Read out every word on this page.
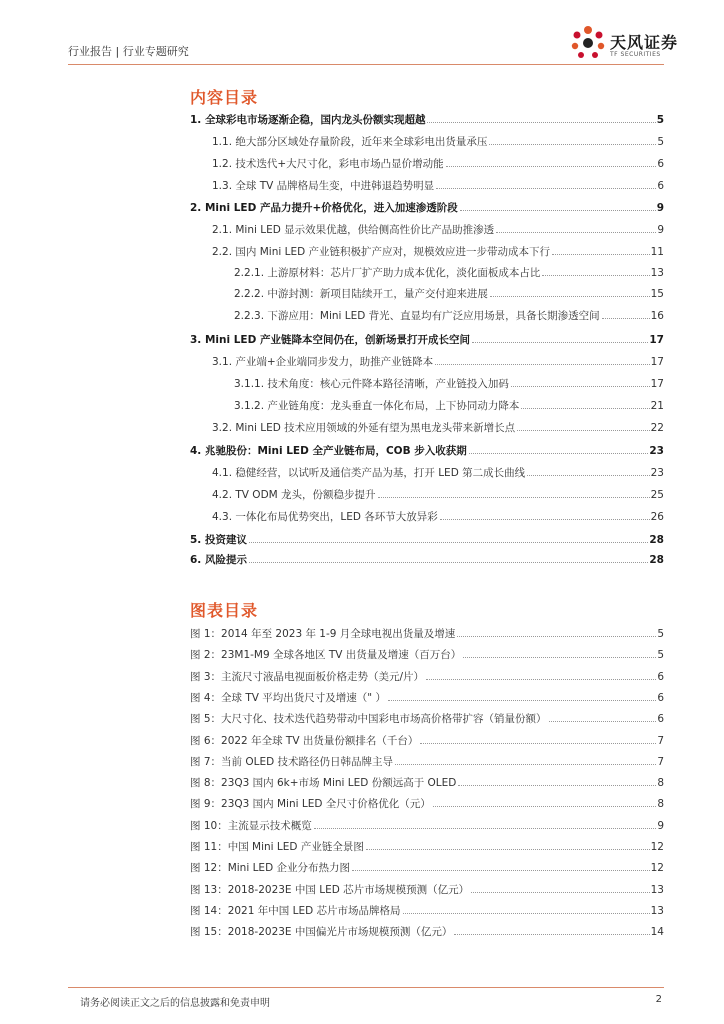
行业报告 | 行业专题研究	天风证券
TF SECURITIES
内容目录
1. 全球彩电市场逐渐企稳，国内龙头份额实现超越	5
1.1. 绝大部分区域处存量阶段，近年来全球彩电出货量承压	5
1.2. 技术迭代+大尺寸化，彩电市场凸显价增动能	6
1.3. 全球 TV 品牌格局生变，中进韩退趋势明显	6
2. Mini LED 产品力提升+价格优化，进入加速渗透阶段	9
2.1. Mini LED 显示效果优越，供给侧高性价比产品助推渗透	9
2.2. 国内 Mini LED 产业链积极扩产应对，规模效应进一步带动成本下行	11
2.2.1. 上游原材料：芯片厂扩产助力成本优化，淡化面板成本占比	13
2.2.2. 中游封测：新项目陆续开工，量产交付迎来进展	15
2.2.3. 下游应用：Mini LED 背光、直显均有广泛应用场景，具备长期渗透空间	16
3. Mini LED 产业链降本空间仍在，创新场景打开成长空间	17
3.1. 产业端+企业端同步发力，助推产业链降本	17
3.1.1. 技术角度：核心元件降本路径清晰，产业链投入加码	17
3.1.2. 产业链角度：龙头垂直一体化布局，上下协同动力降本	21
3.2. Mini LED 技术应用领域的外延有望为黑电龙头带来新增长点	22
4. 兆驰股份：Mini LED 全产业链布局，COB 步入收获期	23
4.1. 稳健经营，以试听及通信类产品为基，打开 LED 第二成长曲线	23
4.2. TV ODM 龙头，份额稳步提升	25
4.3. 一体化布局优势突出，LED 各环节大放异彩	26
5. 投资建议	28
6. 风险提示	28
图表目录
图 1：2014 年至 2023 年 1-9 月全球电视出货量及增速	5
图 2：23M1-M9 全球各地区 TV 出货量及增速（百万台）	5
图 3：主流尺寸液晶电视面板价格走势（美元/片）	6
图 4：全球 TV 平均出货尺寸及增速（" ）	6
图 5：大尺寸化、技术迭代趋势带动中国彩电市场高价格带扩容（销量份额）	6
图 6：2022 年全球 TV 出货量份额排名（千台）	7
图 7：当前 OLED 技术路径仍日韩品牌主导	7
图 8：23Q3 国内 6k+市场 Mini LED 份额远高于 OLED	8
图 9：23Q3 国内 Mini LED 全尺寸价格优化（元）	8
图 10：主流显示技术概览	9
图 11：中国 Mini LED 产业链全景图	12
图 12：Mini LED 企业分布热力图	12
图 13：2018-2023E 中国 LED 芯片市场规模预测（亿元）	13
图 14：2021 年中国 LED 芯片市场品牌格局	13
图 15：2018-2023E 中国偏光片市场规模预测（亿元）	14
请务必阅读正文之后的信息披露和免责申明	2
